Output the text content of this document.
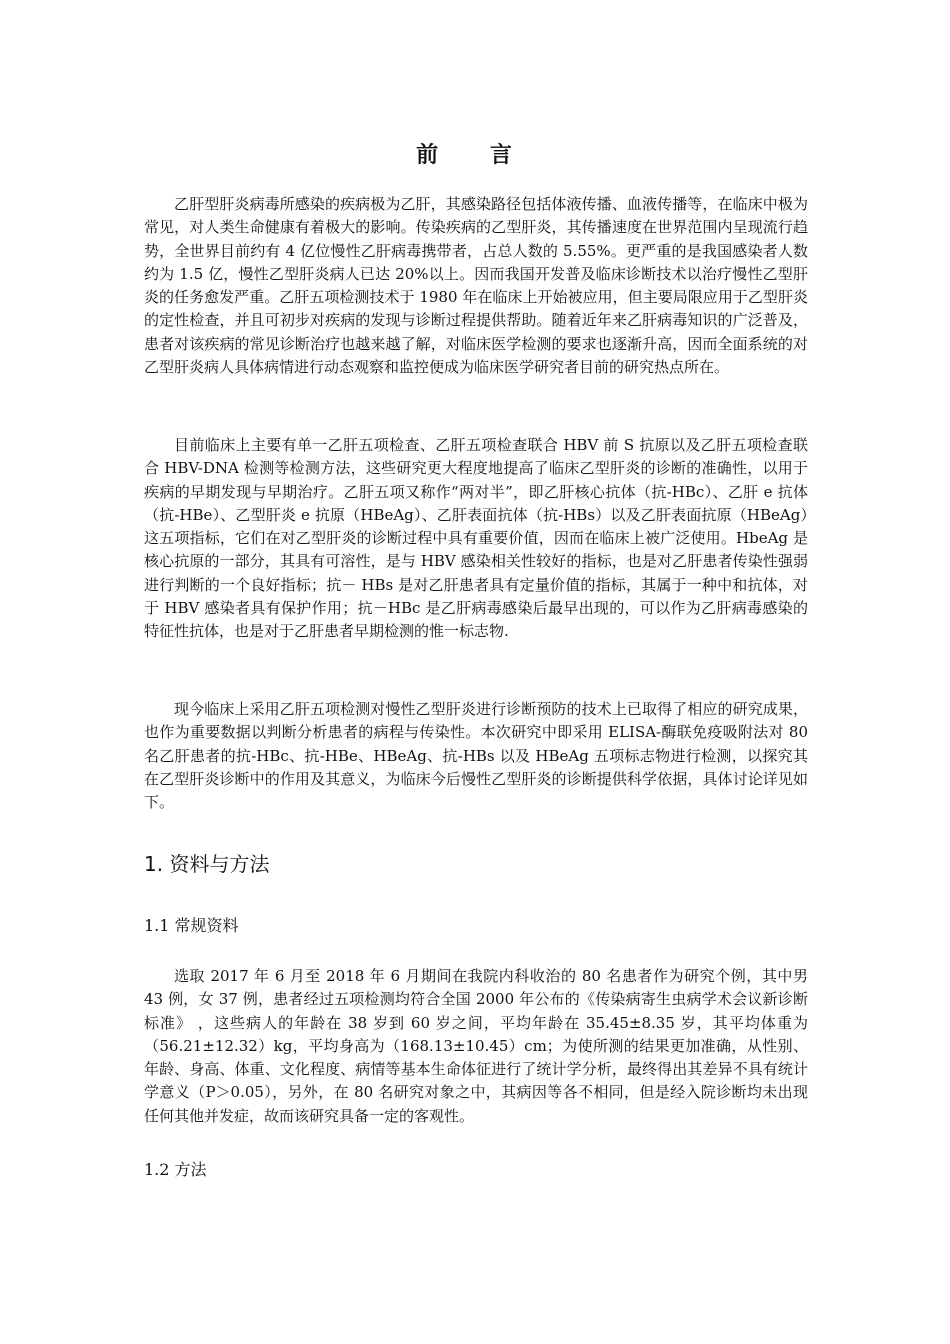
前 言

乙肝型肝炎病毒所感染的疾病极为乙肝，其感染路径包括体液传播、血液传播等，在临床中极为常见，对人类生命健康有着极大的影响。传染疾病的乙型肝炎，其传播速度在世界范围内呈现流行趋势，全世界目前约有 4 亿位慢性乙肝病毒携带者，占总人数的 5.55%。更严重的是我国感染者人数约为 1.5 亿，慢性乙型肝炎病人已达 20%以上。因而我国开发普及临床诊断技术以治疗慢性乙型肝炎的任务愈发严重。乙肝五项检测技术于 1980 年在临床上开始被应用，但主要局限应用于乙型肝炎的定性检查，并且可初步对疾病的发现与诊断过程提供帮助。随着近年来乙肝病毒知识的广泛普及，患者对该疾病的常见诊断治疗也越来越了解，对临床医学检测的要求也逐渐升高，因而全面系统的对乙型肝炎病人具体病情进行动态观察和监控便成为临床医学研究者目前的研究热点所在。

目前临床上主要有单一乙肝五项检查、乙肝五项检查联合 HBV 前 S 抗原以及乙肝五项检查联合 HBV-DNA 检测等检测方法，这些研究更大程度地提高了临床乙型肝炎的诊断的准确性，以用于疾病的早期发现与早期治疗。乙肝五项又称作“两对半”，即乙肝核心抗体（抗-HBc）、乙肝 e 抗体（抗-HBe）、乙型肝炎 e 抗原（HBeAg）、乙肝表面抗体（抗-HBs）以及乙肝表面抗原（HBeAg）这五项指标，它们在对乙型肝炎的诊断过程中具有重要价值，因而在临床上被广泛使用。HbeAg 是核心抗原的一部分，其具有可溶性，是与 HBV 感染相关性较好的指标，也是对乙肝患者传染性强弱进行判断的一个良好指标；抗－ HBs 是对乙肝患者具有定量价值的指标，其属于一种中和抗体，对于 HBV 感染者具有保护作用；抗－HBc 是乙肝病毒感染后最早出现的，可以作为乙肝病毒感染的特征性抗体，也是对于乙肝患者早期检测的惟一标志物.

现今临床上采用乙肝五项检测对慢性乙型肝炎进行诊断预防的技术上已取得了相应的研究成果，也作为重要数据以判断分析患者的病程与传染性。本次研究中即采用 ELISA-酶联免疫吸附法对 80 名乙肝患者的抗-HBc、抗-HBe、HBeAg、抗-HBs 以及 HBeAg 五项标志物进行检测，以探究其在乙型肝炎诊断中的作用及其意义，为临床今后慢性乙型肝炎的诊断提供科学依据，具体讨论详见如下。

1. 资料与方法
1.1 常规资料

选取 2017 年 6 月至 2018 年 6 月期间在我院内科收治的 80 名患者作为研究个例，其中男 43 例，女 37 例，患者经过五项检测均符合全国 2000 年公布的《传染病寄生虫病学术会议新诊断标准》 ，这些病人的年龄在 38 岁到 60 岁之间，平均年龄在 35.45±8.35 岁，其平均体重为（56.21±12.32）kg，平均身高为（168.13±10.45）cm；为使所测的结果更加准确，从性别、年龄、身高、体重、文化程度、病情等基本生命体征进行了统计学分析，最终得出其差异不具有统计学意义（P＞0.05），另外，在 80 名研究对象之中，其病因等各不相同，但是经入院诊断均未出现任何其他并发症，故而该研究具备一定的客观性。

1.2 方法
